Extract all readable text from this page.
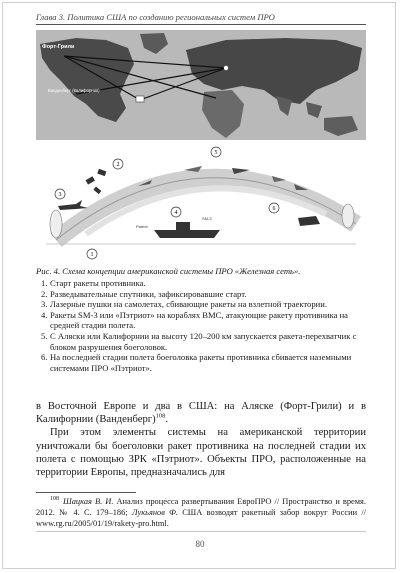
Глава 3. Политика США по созданию региональных систем ПРО
Форт-Грили
Ванденберг (Калифорния)
Patriot
SM-3
1
2
3
4
5
6
Рис. 4. Схема концепции американской системы ПРО «Железная сеть».
1. Старт ракеты противника.
2. Разведывательные спутники, зафиксировавшие старт.
3. Лазерные пушки на самолетах, сбивающие ракеты на взлетной траектории.
4. Ракеты SM-3 или «Пэтриот» на кораблях ВМС, атакующие ракету противника на средней стадии полета.
5. С Аляски или Калифорнии на высоту 120–200 км запускается ракета-перехватчик с блоком разрушения боеголовок.
6. На последней стадии полета боеголовка ракеты противника сбивается наземными системами ПРО «Пэтриот».

в Восточной Европе и два в США: на Аляске (Форт-Грили) и в Калифорнии (Ванденберг)$^{108}$.

При этом элементы системы на американской территории уничтожали бы боеголовки ракет противника на последней стадии их полета с помощью ЗРК «Пэтриот». Объекты ПРО, расположенные на территории Европы, предназначались для

$^{108}$ Шацкая В. И. Анализ процесса развертывания ЕвроПРО // Пространство и время. 2012. № 4. С. 179–186; Лукьянов Ф. США возводят ракетный забор вокруг России // www.rg.ru/2005/01/19/rakety-pro.html.
80
